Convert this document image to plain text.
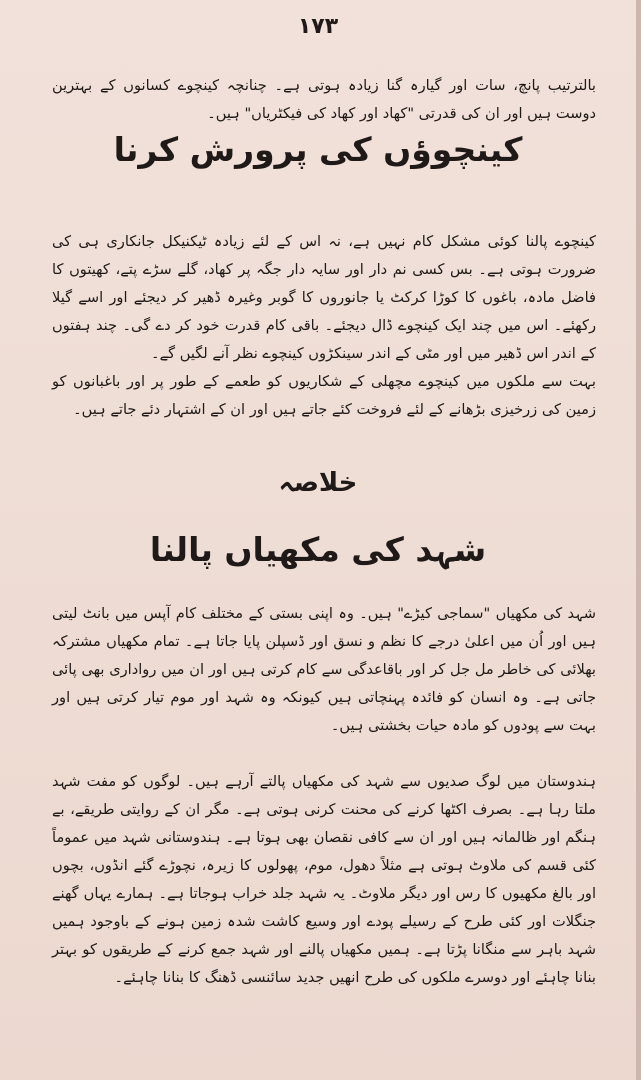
۱۷۳

بالترتیب پانچ، سات اور گیارہ گنا زیادہ ہوتی ہے۔ چنانچہ کینچوے کسانوں کے بہترین دوست ہیں اور ان کی قدرتی "کھاد اور کھاد کی فیکٹریاں" ہیں۔

کینچوؤں کی پرورش کرنا

کینچوے پالنا کوئی مشکل کام نہیں ہے، نہ اس کے لئے زیادہ ٹیکنیکل جانکاری ہی کی ضرورت ہوتی ہے۔ بس کسی نم دار اور سایہ دار جگہ پر کھاد، گلے سڑے پتے، کھیتوں کا فاضل مادہ، باغوں کا کوڑا کرکٹ یا جانوروں کا گوبر وغیرہ ڈھیر کر دیجئے اور اسے گیلا رکھئے۔ اس میں چند ایک کینچوے ڈال دیجئے۔ باقی کام قدرت خود کر دے گی۔ چند ہفتوں کے اندر اس ڈھیر میں اور مٹی کے اندر سینکڑوں کینچوے نظر آنے لگیں گے۔

بہت سے ملکوں میں کینچوے مچھلی کے شکاریوں کو طعمے کے طور پر اور باغبانوں کو زمین کی زرخیزی بڑھانے کے لئے فروخت کئے جاتے ہیں اور ان کے اشتہار دئے جاتے ہیں۔

خلاصہ
شہد کی مکھیاں پالنا

شہد کی مکھیاں "سماجی کیڑے" ہیں۔ وہ اپنی بستی کے مختلف کام آپس میں بانٹ لیتی ہیں اور اُن میں اعلیٰ درجے کا نظم و نسق اور ڈسپلن پایا جاتا ہے۔ تمام مکھیاں مشترکہ بھلائی کی خاطر مل جل کر اور باقاعدگی سے کام کرتی ہیں اور ان میں رواداری بھی پائی جاتی ہے۔ وہ انسان کو فائدہ پہنچاتی ہیں کیونکہ وہ شہد اور موم تیار کرتی ہیں اور بہت سے پودوں کو مادہ حیات بخشتی ہیں۔

ہندوستان میں لوگ صدیوں سے شہد کی مکھیاں پالتے آرہے ہیں۔ لوگوں کو مفت شہد ملتا رہا ہے۔ بصرف اکٹھا کرنے کی محنت کرنی ہوتی ہے۔ مگر ان کے روایتی طریقے، بے ہنگم اور ظالمانہ ہیں اور ان سے کافی نقصان بھی ہوتا ہے۔ ہندوستانی شہد میں عموماً کئی قسم کی ملاوٹ ہوتی ہے مثلاً دھول، موم، پھولوں کا زیرہ، نچوڑے گئے انڈوں، بچوں اور بالغ مکھیوں کا رس اور دیگر ملاوٹ۔ یہ شہد جلد خراب ہوجاتا ہے۔ ہمارے یہاں گھنے جنگلات اور کئی طرح کے رسیلے پودے اور وسیع کاشت شدہ زمین ہونے کے باوجود ہمیں شہد باہر سے منگانا پڑتا ہے۔ ہمیں مکھیاں پالنے اور شہد جمع کرنے کے طریقوں کو بہتر بنانا چاہئے اور دوسرے ملکوں کی طرح انھیں جدید سائنسی ڈھنگ کا بنانا چاہئے۔
